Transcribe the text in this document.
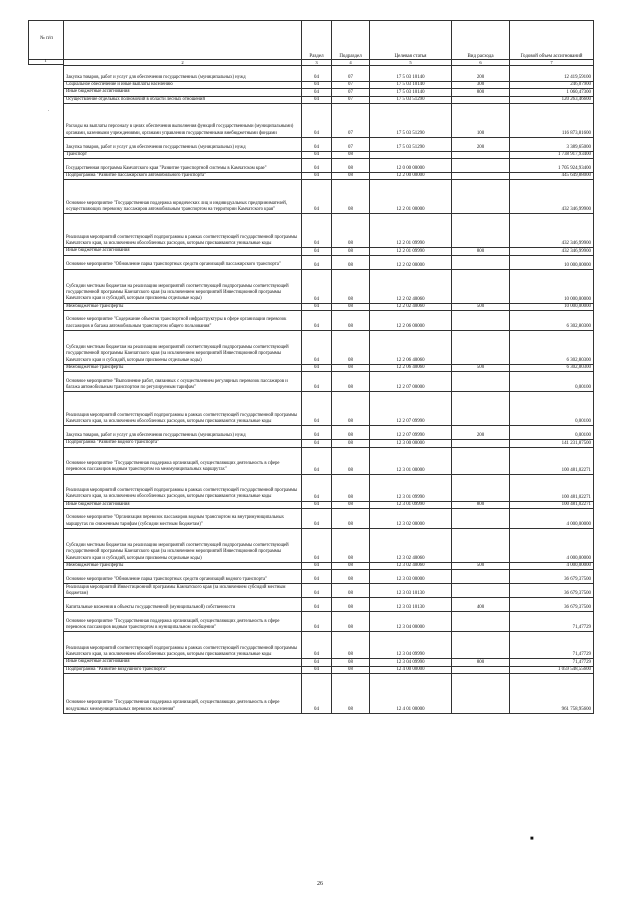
№ п/п
1
	Раздел	Подраздел	Целевая статья	Вид расхода	Годовой объем ассигнований
2	3	4	5	6	7
Закупка товаров, работ и услуг для обеспечения государственных (муниципальных) нужд	04	07	17 5 03 10140	200	12 419,59100
Социальное обеспечение и иные выплаты населению	04	07	17 5 03 10140	300	246,07900
Иные бюджетные ассигнования	04	07	17 5 03 10140	800	1 060,47300
Осуществление отдельных полномочий в области лесных отношений	04	07	17 5 03 51290		120 263,46600
Расходы на выплаты персоналу в целях обеспечения выполнения функций государственными (муниципальными) органами, казенными учреждениями, органами управления государственными внебюджетными фондами	04	07	17 5 03 51290	100	116 873,81600
Закупка товаров, работ и услуг для обеспечения государственных (муниципальных) нужд	04	07	17 5 03 51290	200	3 389,65000
Транспорт	04	08			1 738 917,93400
Государственная программа Камчатского края "Развитие транспортной системы в Камчатском крае"	04	08	12 0 00 00000		1 705 924,93400
Подпрограмма "Развитие пассажирского автомобильного транспорта"	04	08	12 2 00 00000		445 649,88000
Основное мероприятие "Государственная поддержка юридических лиц и индивидуальных предпринимателей, осуществляющих перевозку пассажиров автомобильным транспортом на территории Камчатского края"	04	08	12 2 01 00000		432 346,99900
Реализация мероприятий соответствующей подпрограммы в рамках соответствующей государственной программы Камчатского края, за исключением обособленных расходов, которым присваиваются уникальные коды	04	08	12 2 01 09990		432 346,99900
Иные бюджетные ассигнования	04	08	12 2 01 09990	800	432 346,99900
Основное мероприятие "Обновление парка транспортных средств организаций пассажирского транспорта"	04	08	12 2 02 00000		10 000,00000
Субсидии местным бюджетам на реализацию мероприятий соответствующей подпрограммы соответствующей государственной программы Камчатского края (за исключением мероприятий Инвестиционной программы Камчатского края и субсидий, которым присвоены отдельные коды)	04	08	12 2 02 40060		10 000,00000
Межбюджетные трансферты	04	08	12 2 02 40060	500	10 000,00000
Основное мероприятие "Содержание объектов транспортной инфраструктуры в сфере организации перевозок пассажиров и багажа автомобильным транспортом общего пользования"	04	08	12 2 06 00000		6 302,80300
Субсидии местным бюджетам на реализацию мероприятий соответствующей подпрограммы соответствующей государственной программы Камчатского края (за исключением мероприятий Инвестиционной программы Камчатского края и субсидий, которым присвоены отдельные коды)	04	08	12 2 06 40060		6 302,80300
Межбюджетные трансферты	04	08	12 2 06 40060	500	6 302,80300
Основное мероприятие "Выполнение работ, связанных с осуществлением регулярных перевозок пассажиров и багажа автомобильным транспортом по регулируемым тарифам"	04	08	12 2 07 00000		0,00100
Реализация мероприятий соответствующей подпрограммы в рамках соответствующей государственной программы Камчатского края, за исключением обособленных расходов, которым присваиваются уникальные коды	04	08	12 2 07 09990		0,00100
Закупка товаров, работ и услуг для обеспечения государственных (муниципальных) нужд	04	08	12 2 07 09990	200	0,00100
Подпрограмма "Развитие водного транспорта"	04	08	12 3 00 00000		141 231,87500
Основное мероприятие "Государственная поддержка организаций, осуществляющих деятельность в сфере перевозок пассажиров водным транспортом на межмуниципальных маршрутах"	04	08	12 3 01 00000		100 481,02271
Реализация мероприятий соответствующей подпрограммы в рамках соответствующей государственной программы Камчатского края, за исключением обособленных расходов, которым присваиваются уникальные коды	04	08	12 3 01 09990		100 481,02271
Иные бюджетные ассигнования	04	08	12 3 01 09990	800	100 481,02271
Основное мероприятие "Организация перевозок пассажиров водным транспортом на внутримуниципальных маршрутах по сниженным тарифам (субсидии местным бюджетам)"	04	08	12 3 02 00000		4 000,00000
Субсидии местным бюджетам на реализацию мероприятий соответствующей подпрограммы соответствующей государственной программы Камчатского края (за исключением мероприятий Инвестиционной программы Камчатского края и субсидий, которым присвоены отдельные коды)	04	08	12 3 02 40060		4 000,00000
Межбюджетные трансферты	04	08	12 3 02 40060	500	4 000,00000
Основное мероприятие "Обновление парка транспортных средств организаций водного транспорта"	04	08	12 3 03 00000		36 679,37500
Реализация мероприятий Инвестиционной программы Камчатского края (за исключением субсидий местным бюджетам)	04	08	12 3 03 10130		36 679,37500
Капитальные вложения в объекты государственной (муниципальной) собственности	04	08	12 3 03 10130	400	36 679,37500
Основное мероприятие "Государственная поддержка организаций, осуществляющих деятельность в сфере перевозок пассажиров водным транспортом в муниципальном сообщении"	04	08	12 3 04 00000		71,47729
Реализация мероприятий соответствующей подпрограммы в рамках соответствующей государственной программы Камчатского края, за исключением обособленных расходов, которым присваиваются уникальные коды	04	08	12 3 04 09990		71,47729
Иные бюджетные ассигнования	04	08	12 3 04 09990	800	71,47729
Подпрограмма "Развитие воздушного транспорта"	04	08	12 4 00 00000		1 059 548,55600
Основное мероприятие "Государственная поддержка организаций, осуществляющих деятельность в сфере воздушных межмуниципальных перевозок населения"	04	08	12 4 01 00000		961 758,95600
.
■
26
